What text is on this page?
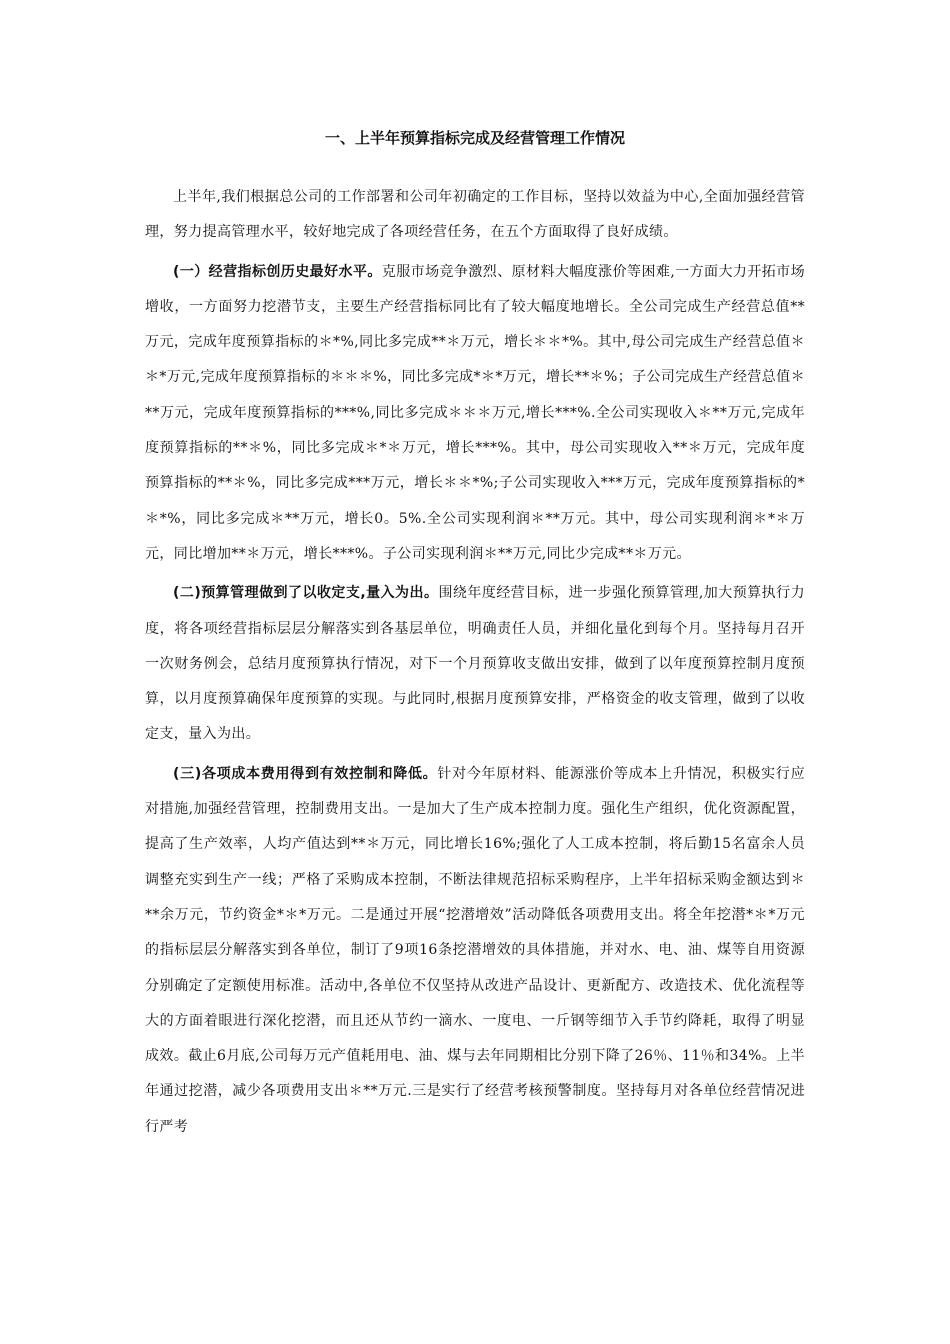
一、上半年预算指标完成及经营管理工作情况

上半年,我们根据总公司的工作部署和公司年初确定的工作目标，坚持以效益为中心,全面加强经营管理，努力提高管理水平，较好地完成了各项经营任务，在五个方面取得了良好成绩。

(一）经营指标创历史最好水平。克服市场竞争激烈、原材料大幅度涨价等困难,一方面大力开拓市场增收，一方面努力挖潜节支，主要生产经营指标同比有了较大幅度地增长。全公司完成生产经营总值**万元，完成年度预算指标的＊*%,同比多完成**＊万元，增长＊＊*%。其中,母公司完成生产经营总值＊＊*万元,完成年度预算指标的＊＊＊%，同比多完成*＊*万元，增长**＊%；子公司完成生产经营总值＊**万元，完成年度预算指标的***%,同比多完成＊＊＊万元,增长***%.全公司实现收入＊**万元,完成年度预算指标的**＊%，同比多完成＊*＊万元，增长***%。其中，母公司实现收入**＊万元，完成年度预算指标的**＊%，同比多完成***万元，增长＊＊*%;子公司实现收入***万元，完成年度预算指标的*＊*%，同比多完成＊**万元，增长0。5%.全公司实现利润＊**万元。其中，母公司实现利润＊*＊万元，同比增加**＊万元，增长***%。子公司实现利润＊**万元,同比少完成**＊万元。

(二)预算管理做到了以收定支,量入为出。围绕年度经营目标，进一步强化预算管理,加大预算执行力度，将各项经营指标层层分解落实到各基层单位，明确责任人员，并细化量化到每个月。坚持每月召开一次财务例会，总结月度预算执行情况，对下一个月预算收支做出安排，做到了以年度预算控制月度预算，以月度预算确保年度预算的实现。与此同时,根据月度预算安排，严格资金的收支管理，做到了以收定支，量入为出。

(三)各项成本费用得到有效控制和降低。针对今年原材料、能源涨价等成本上升情况，积极实行应对措施,加强经营管理，控制费用支出。一是加大了生产成本控制力度。强化生产组织，优化资源配置，提高了生产效率，人均产值达到**＊万元，同比增长16%;强化了人工成本控制，将后勤15名富余人员调整充实到生产一线；严格了采购成本控制，不断法律规范招标采购程序，上半年招标采购金额达到＊**余万元，节约资金*＊*万元。二是通过开展“挖潜增效”活动降低各项费用支出。将全年挖潜*＊*万元的指标层层分解落实到各单位，制订了9项16条挖潜增效的具体措施，并对水、电、油、煤等自用资源分别确定了定额使用标准。活动中,各单位不仅坚持从改进产品设计、更新配方、改造技术、优化流程等大的方面着眼进行深化挖潜，而且还从节约一滴水、一度电、一斤钢等细节入手节约降耗，取得了明显成效。截止6月底,公司每万元产值耗用电、油、煤与去年同期相比分别下降了26％、11％和34%。上半年通过挖潜，减少各项费用支出＊**万元.三是实行了经营考核预警制度。坚持每月对各单位经营情况进行严考
